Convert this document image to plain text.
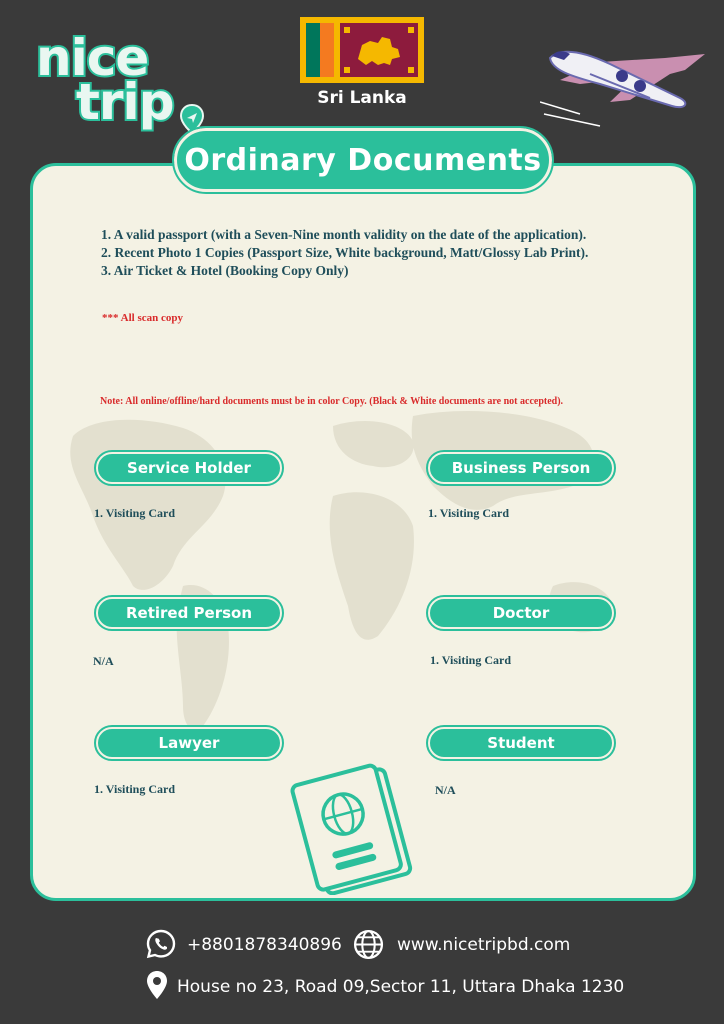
nice
trip	Sri Lanka
Ordinary Documents
1. A valid passport (with a Seven-Nine month validity on the date of the application).
2. Recent Photo 1 Copies (Passport Size, White background, Matt/Glossy Lab Print).
3. Air Ticket & Hotel (Booking Copy Only)
*** All scan copy
Note: All online/offline/hard documents must be in color Copy. (Black & White documents are not accepted).
Service Holder
1. Visiting Card
Business Person
1. Visiting Card
Retired Person
N/A
Doctor
1. Visiting Card
Lawyer
1. Visiting Card
Student
N/A
+8801878340896	www.nicetripbd.com
House no 23, Road 09,Sector 11, Uttara Dhaka 1230
